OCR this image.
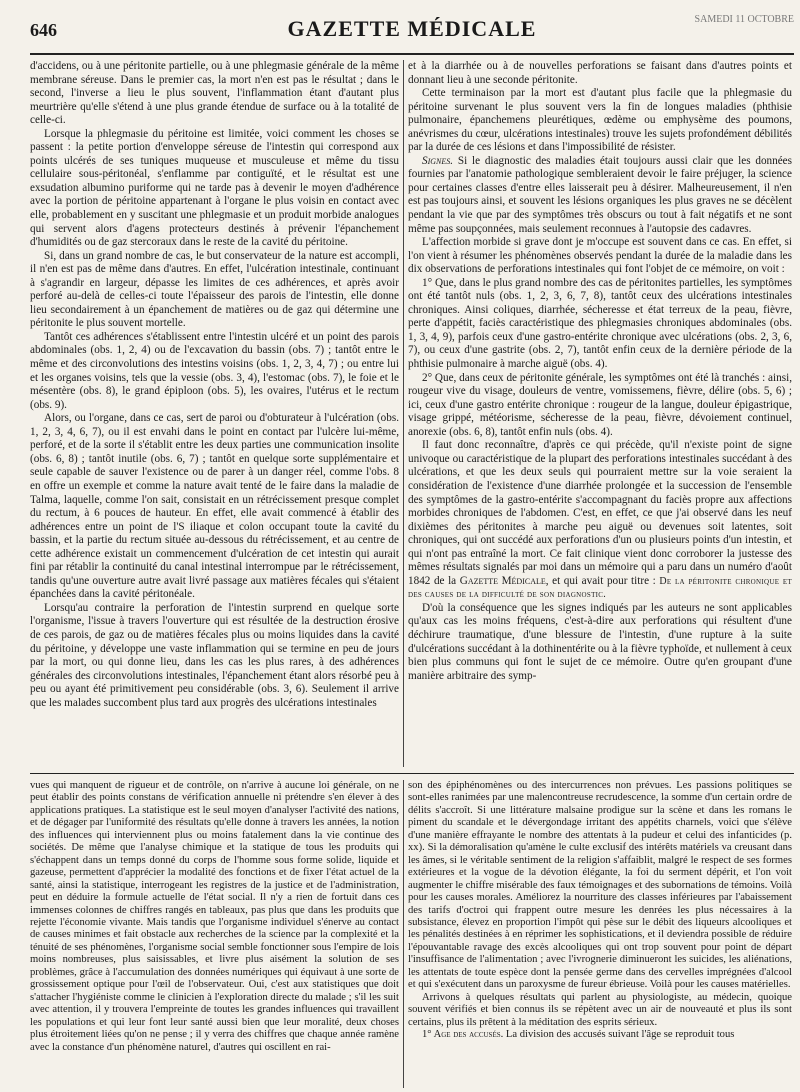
646	GAZETTE MÉDICALE	SAMEDI 11 OCTOBRE

d'accidens, ou à une péritonite partielle, ou à une phlegmasie générale de la même membrane séreuse. Dans le premier cas, la mort n'en est pas le résultat ; dans le second, l'inverse a lieu le plus souvent, l'inflammation étant d'autant plus meurtrière qu'elle s'étend à une plus grande étendue de surface ou à la totalité de celle-ci.

Lorsque la phlegmasie du péritoine est limitée, voici comment les choses se passent : la petite portion d'enveloppe séreuse de l'intestin qui correspond aux points ulcérés de ses tuniques muqueuse et musculeuse et même du tissu cellulaire sous-péritonéal, s'enflamme par contiguïté, et le résultat est une exsudation albumino puriforme qui ne tarde pas à devenir le moyen d'adhérence avec la portion de péritoine appartenant à l'organe le plus voisin en contact avec elle, probablement en y suscitant une phlegmasie et un produit morbide analogues qui servent alors d'agens protecteurs destinés à prévenir l'épanchement d'humidités ou de gaz stercoraux dans le reste de la cavité du péritoine.

Si, dans un grand nombre de cas, le but conservateur de la nature est accompli, il n'en est pas de même dans d'autres. En effet, l'ulcération intestinale, continuant à s'agrandir en largeur, dépasse les limites de ces adhérences, et après avoir perforé au-delà de celles-ci toute l'épaisseur des parois de l'intestin, elle donne lieu secondairement à un épanchement de matières ou de gaz qui détermine une péritonite le plus souvent mortelle.

Tantôt ces adhérences s'établissent entre l'intestin ulcéré et un point des parois abdominales (obs. 1, 2, 4) ou de l'excavation du bassin (obs. 7) ; tantôt entre le même et des circonvolutions des intestins voisins (obs. 1, 2, 3, 4, 7) ; ou entre lui et les organes voisins, tels que la vessie (obs. 3, 4), l'estomac (obs. 7), le foie et le mésentère (obs. 8), le grand épiploon (obs. 5), les ovaires, l'utérus et le rectum (obs. 9).

Alors, ou l'organe, dans ce cas, sert de paroi ou d'obturateur à l'ulcération (obs. 1, 2, 3, 4, 6, 7), ou il est envahi dans le point en contact par l'ulcère lui-même, perforé, et de la sorte il s'établit entre les deux parties une communication insolite (obs. 6, 8) ; tantôt inutile (obs. 6, 7) ; tantôt en quelque sorte supplémentaire et seule capable de sauver l'existence ou de parer à un danger réel, comme l'obs. 8 en offre un exemple et comme la nature avait tenté de le faire dans la maladie de Talma, laquelle, comme l'on sait, consistait en un rétrécissement presque complet du rectum, à 6 pouces de hauteur. En effet, elle avait commencé à établir des adhérences entre un point de l'S iliaque et colon occupant toute la cavité du bassin, et la partie du rectum située au-dessous du rétrécissement, et au centre de cette adhérence existait un commencement d'ulcération de cet intestin qui aurait fini par rétablir la continuité du canal intestinal interrompue par le rétrécissement, tandis qu'une ouverture autre avait livré passage aux matières fécales qui s'étaient épanchées dans la cavité péritonéale.

Lorsqu'au contraire la perforation de l'intestin surprend en quelque sorte l'organisme, l'issue à travers l'ouverture qui est résultée de la destruction érosive de ces parois, de gaz ou de matières fécales plus ou moins liquides dans la cavité du péritoine, y développe une vaste inflammation qui se termine en peu de jours par la mort, ou qui donne lieu, dans les cas les plus rares, à des adhérences générales des circonvolutions intestinales, l'épanchement étant alors résorbé peu à peu ou ayant été primitivement peu considérable (obs. 3, 6). Seulement il arrive que les malades succombent plus tard aux progrès des ulcérations intestinales

et à la diarrhée ou à de nouvelles perforations se faisant dans d'autres points et donnant lieu à une seconde péritonite.

Cette terminaison par la mort est d'autant plus facile que la phlegmasie du péritoine survenant le plus souvent vers la fin de longues maladies (phthisie pulmonaire, épanchemens pleurétiques, œdème ou emphysème des poumons, anévrismes du cœur, ulcérations intestinales) trouve les sujets profondément débilités par la durée de ces lésions et dans l'impossibilité de résister.

Signes. Si le diagnostic des maladies était toujours aussi clair que les données fournies par l'anatomie pathologique sembleraient devoir le faire préjuger, la science pour certaines classes d'entre elles laisserait peu à désirer. Malheureusement, il n'en est pas toujours ainsi, et souvent les lésions organiques les plus graves ne se décèlent pendant la vie que par des symptômes très obscurs ou tout à fait négatifs et ne sont même pas soupçonnées, mais seulement reconnues à l'autopsie des cadavres.

L'affection morbide si grave dont je m'occupe est souvent dans ce cas. En effet, si l'on vient à résumer les phénomènes observés pendant la durée de la maladie dans les dix observations de perforations intestinales qui font l'objet de ce mémoire, on voit :

1° Que, dans le plus grand nombre des cas de péritonites partielles, les symptômes ont été tantôt nuls (obs. 1, 2, 3, 6, 7, 8), tantôt ceux des ulcérations intestinales chroniques. Ainsi coliques, diarrhée, sécheresse et état terreux de la peau, fièvre, perte d'appétit, faciès caractéristique des phlegmasies chroniques abdominales (obs. 1, 3, 4, 9), parfois ceux d'une gastro-entérite chronique avec ulcérations (obs. 2, 3, 6, 7), ou ceux d'une gastrite (obs. 2, 7), tantôt enfin ceux de la dernière période de la phthisie pulmonaire à marche aiguë (obs. 4).

2° Que, dans ceux de péritonite générale, les symptômes ont été là tranchés : ainsi, rougeur vive du visage, douleurs de ventre, vomissemens, fièvre, délire (obs. 5, 6) ; ici, ceux d'une gastro entérite chronique : rougeur de la langue, douleur épigastrique, visage grippé, météorisme, sécheresse de la peau, fièvre, dévoiement continuel, anorexie (obs. 6, 8), tantôt enfin nuls (obs. 4).

Il faut donc reconnaître, d'après ce qui précède, qu'il n'existe point de signe univoque ou caractéristique de la plupart des perforations intestinales succédant à des ulcérations, et que les deux seuls qui pourraient mettre sur la voie seraient la considération de l'existence d'une diarrhée prolongée et la succession de l'ensemble des symptômes de la gastro-entérite s'accompagnant du faciès propre aux affections morbides chroniques de l'abdomen. C'est, en effet, ce que j'ai observé dans les neuf dixièmes des péritonites à marche peu aiguë ou devenues soit latentes, soit chroniques, qui ont succédé aux perforations d'un ou plusieurs points d'un intestin, et qui n'ont pas entraîné la mort. Ce fait clinique vient donc corroborer la justesse des mêmes résultats signalés par moi dans un mémoire qui a paru dans un numéro d'août 1842 de la Gazette Médicale, et qui avait pour titre : De la péritonite chronique et des causes de la difficulté de son diagnostic.

D'où la conséquence que les signes indiqués par les auteurs ne sont applicables qu'aux cas les moins fréquens, c'est-à-dire aux perforations qui résultent d'une déchirure traumatique, d'une blessure de l'intestin, d'une rupture à la suite d'ulcérations succédant à la dothinentérite ou à la fièvre typhoïde, et nullement à ceux bien plus communs qui font le sujet de ce mémoire. Outre qu'en groupant d'une manière arbitraire des symp-

vues qui manquent de rigueur et de contrôle, on n'arrive à aucune loi générale, on ne peut établir des points constans de vérification annuelle ni prétendre s'en élever à des applications pratiques. La statistique est le seul moyen d'analyser l'activité des nations, et de dégager par l'uniformité des résultats qu'elle donne à travers les années, la notion des influences qui interviennent plus ou moins fatalement dans la vie continue des sociétés. De même que l'analyse chimique et la statique de tous les produits qui s'échappent dans un temps donné du corps de l'homme sous forme solide, liquide et gazeuse, permettent d'apprécier la modalité des fonctions et de fixer l'état actuel de la santé, ainsi la statistique, interrogeant les registres de la justice et de l'administration, peut en déduire la formule actuelle de l'état social. Il n'y a rien de fortuit dans ces immenses colonnes de chiffres rangés en tableaux, pas plus que dans les produits que rejette l'économie vivante. Mais tandis que l'organisme individuel s'énerve au contact de causes minimes et fait obstacle aux recherches de la science par la complexité et la ténuité de ses phénomènes, l'organisme social semble fonctionner sous l'empire de lois moins nombreuses, plus saisissables, et livre plus aisément la solution de ses problèmes, grâce à l'accumulation des données numériques qui équivaut à une sorte de grossissement optique pour l'œil de l'observateur. Oui, c'est aux statistiques que doit s'attacher l'hygiéniste comme le clinicien à l'exploration directe du malade ; s'il les suit avec attention, il y trouvera l'empreinte de toutes les grandes influences qui travaillent les populations et qui leur font leur santé aussi bien que leur moralité, deux choses plus étroitement liées qu'on ne pense ; il y verra des chiffres que chaque année ramène avec la constance d'un phénomène naturel, d'autres qui oscillent en rai-

son des épiphénomènes ou des intercurrences non prévues. Les passions politiques se sont-elles ranimées par une malencontreuse recrudescence, la somme d'un certain ordre de délits s'accroît. Si une littérature malsaine prodigue sur la scène et dans les romans le piment du scandale et le dévergondage irritant des appétits charnels, voici que s'élève d'une manière effrayante le nombre des attentats à la pudeur et celui des infanticides (p. xx). Si la démoralisation qu'amène le culte exclusif des intérêts matériels va creusant dans les âmes, si le véritable sentiment de la religion s'affaiblit, malgré le respect de ses formes extérieures et la vogue de la dévotion élégante, la foi du serment dépérit, et l'on voit augmenter le chiffre misérable des faux témoignages et des subornations de témoins. Voilà pour les causes morales. Améliorez la nourriture des classes inférieures par l'abaissement des tarifs d'octroi qui frappent outre mesure les denrées les plus nécessaires à la subsistance, élevez en proportion l'impôt qui pèse sur le débit des liqueurs alcooliques et les pénalités destinées à en réprimer les sophistications, et il deviendra possible de réduire l'épouvantable ravage des excès alcooliques qui ont trop souvent pour point de départ l'insuffisance de l'alimentation ; avec l'ivrognerie diminueront les suicides, les aliénations, les attentats de toute espèce dont la pensée germe dans des cervelles imprégnées d'alcool et qui s'exécutent dans un paroxysme de fureur ébrieuse. Voilà pour les causes matérielles.

Arrivons à quelques résultats qui parlent au physiologiste, au médecin, quoique souvent vérifiés et bien connus ils se répètent avec un air de nouveauté et plus ils sont certains, plus ils prêtent à la méditation des esprits sérieux.

1° Age des accusés. La division des accusés suivant l'âge se reproduit tous
